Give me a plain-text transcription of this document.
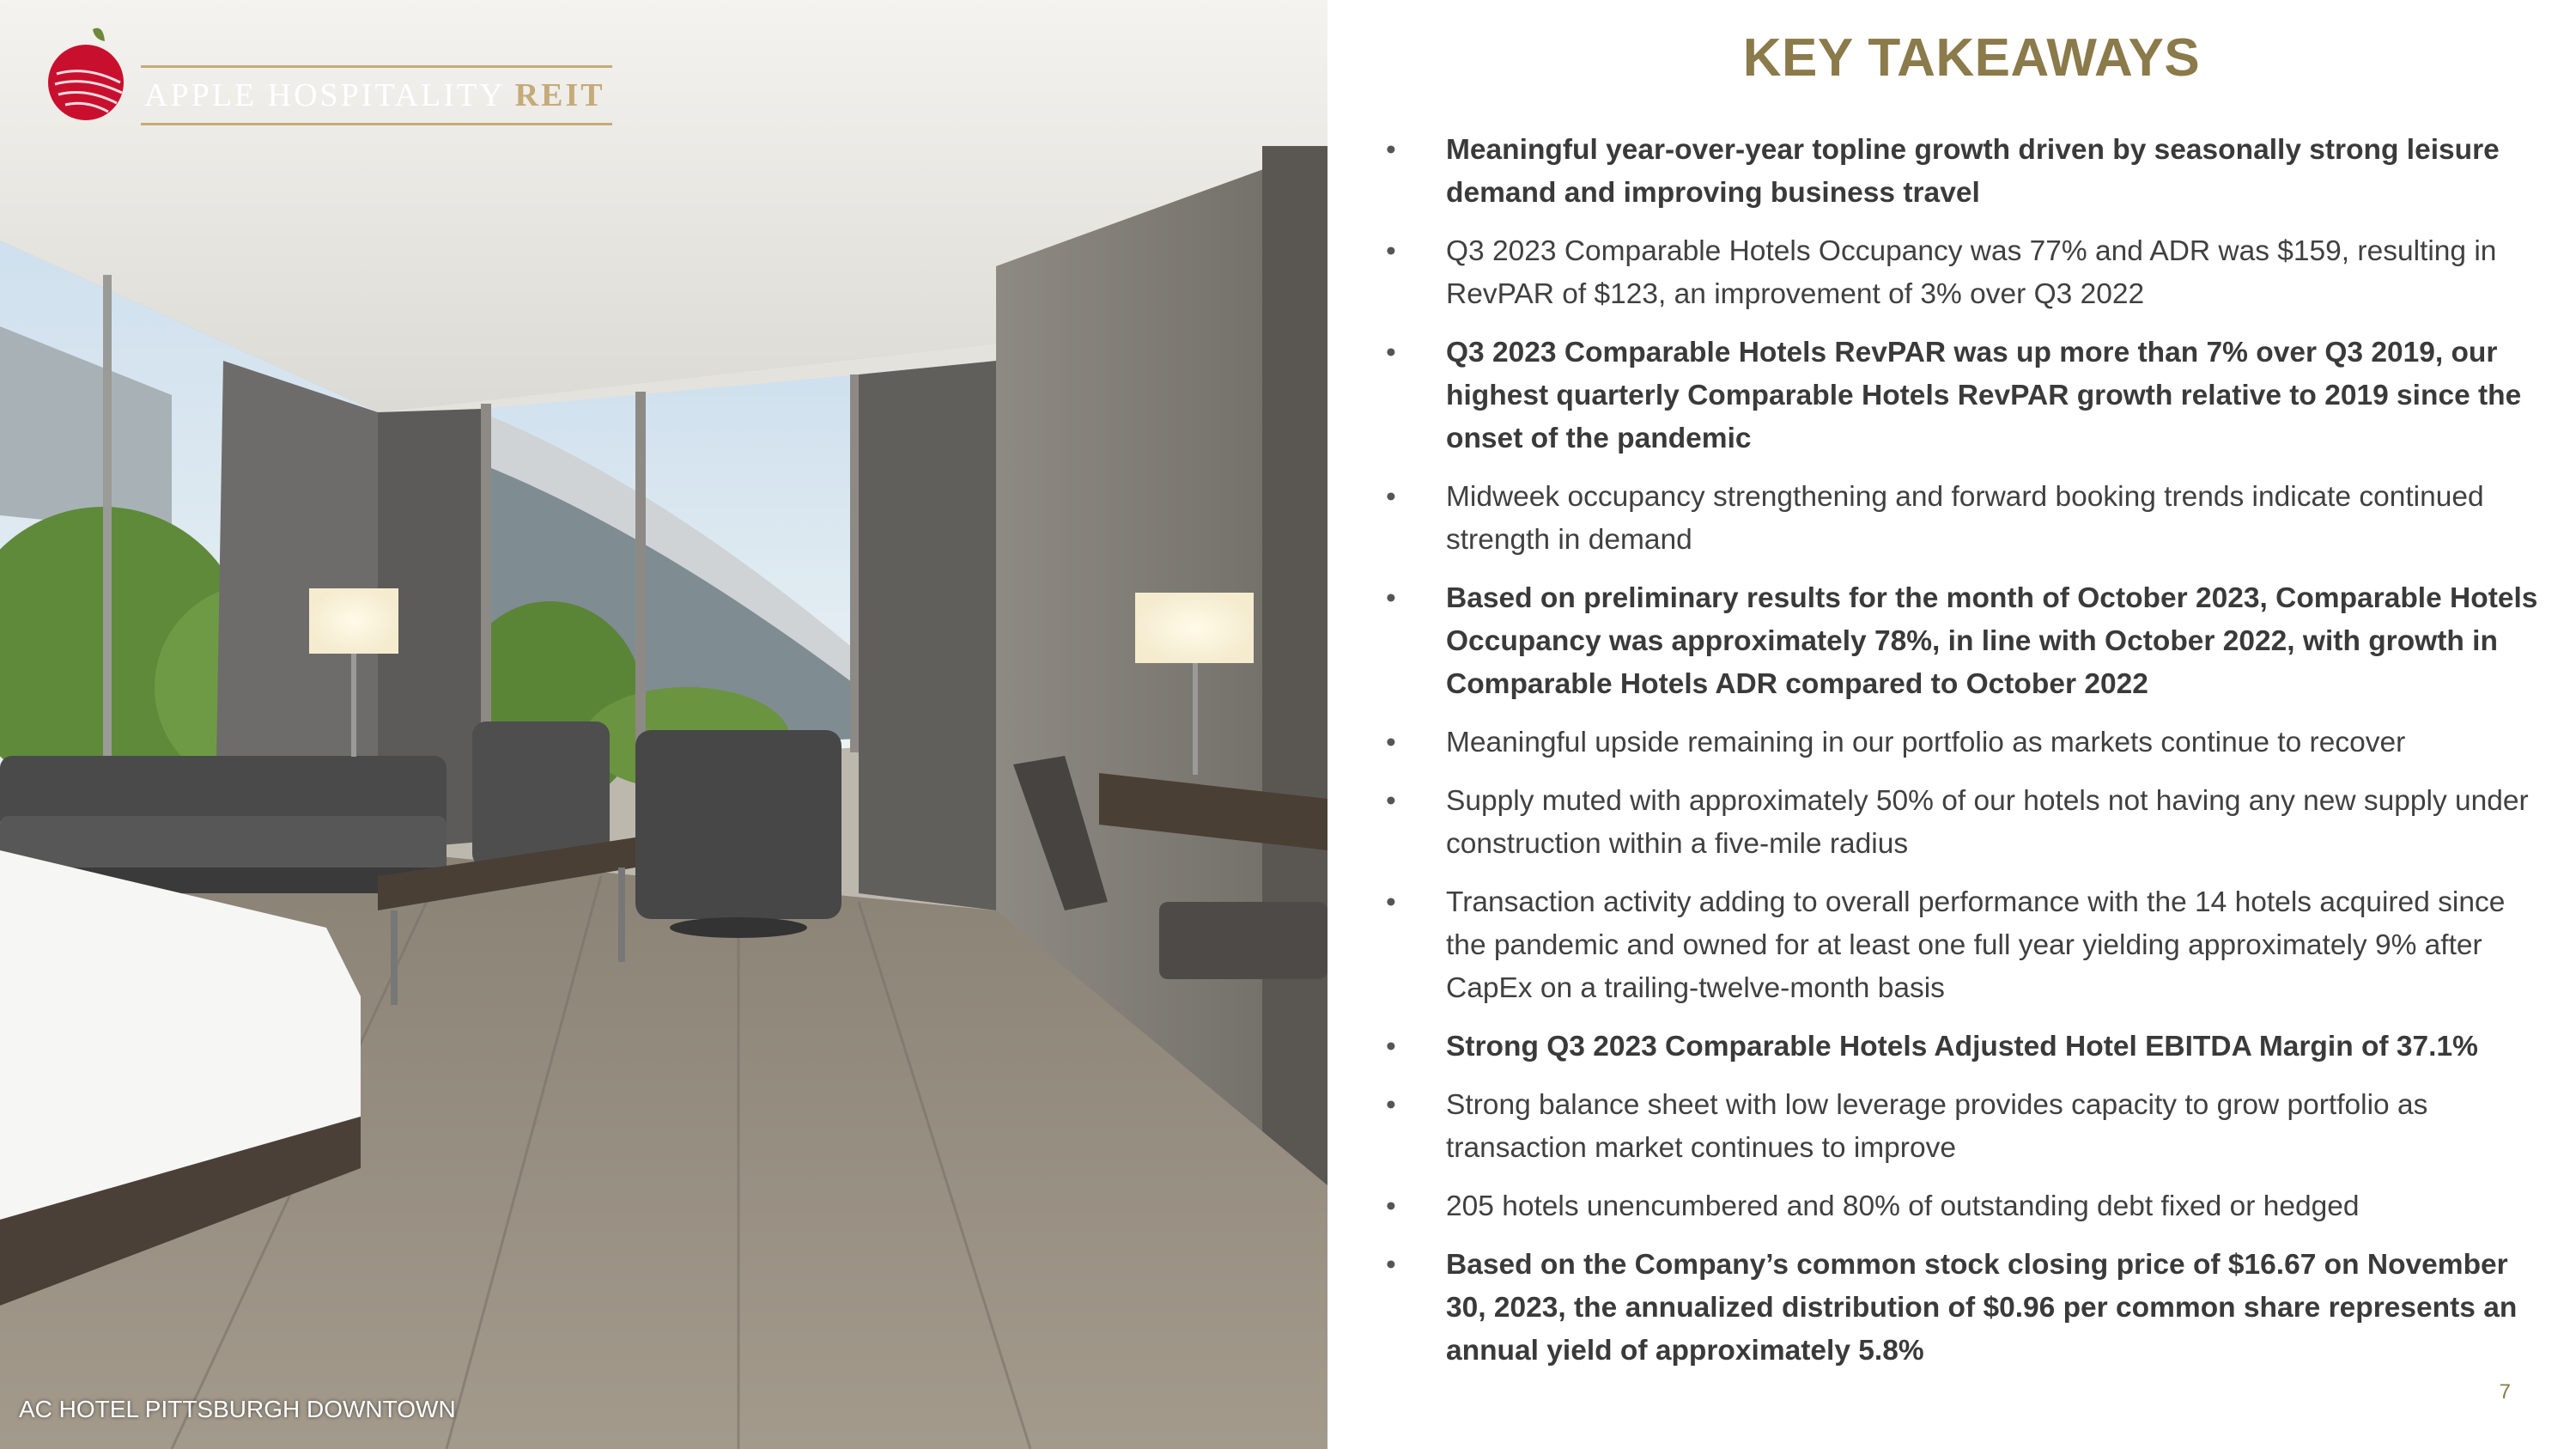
APPLE HOSPITALITY REIT
AC HOTEL PITTSBURGH DOWNTOWN
KEY TAKEAWAYS
• Meaningful year-over-year topline growth driven by seasonally strong leisure demand and improving business travel
• Q3 2023 Comparable Hotels Occupancy was 77% and ADR was $159, resulting in RevPAR of $123, an improvement of 3% over Q3 2022
• Q3 2023 Comparable Hotels RevPAR was up more than 7% over Q3 2019, our highest quarterly Comparable Hotels RevPAR growth relative to 2019 since the onset of the pandemic
• Midweek occupancy strengthening and forward booking trends indicate continued strength in demand
• Based on preliminary results for the month of October 2023, Comparable Hotels Occupancy was approximately 78%, in line with October 2022, with growth in Comparable Hotels ADR compared to October 2022
• Meaningful upside remaining in our portfolio as markets continue to recover
• Supply muted with approximately 50% of our hotels not having any new supply under construction within a five-mile radius
• Transaction activity adding to overall performance with the 14 hotels acquired since the pandemic and owned for at least one full year yielding approximately 9% after CapEx on a trailing-twelve-month basis
• Strong Q3 2023 Comparable Hotels Adjusted Hotel EBITDA Margin of 37.1%
• Strong balance sheet with low leverage provides capacity to grow portfolio as transaction market continues to improve
• 205 hotels unencumbered and 80% of outstanding debt fixed or hedged
• Based on the Company’s common stock closing price of $16.67 on November 30, 2023, the annualized distribution of $0.96 per common share represents an annual yield of approximately 5.8%
7
